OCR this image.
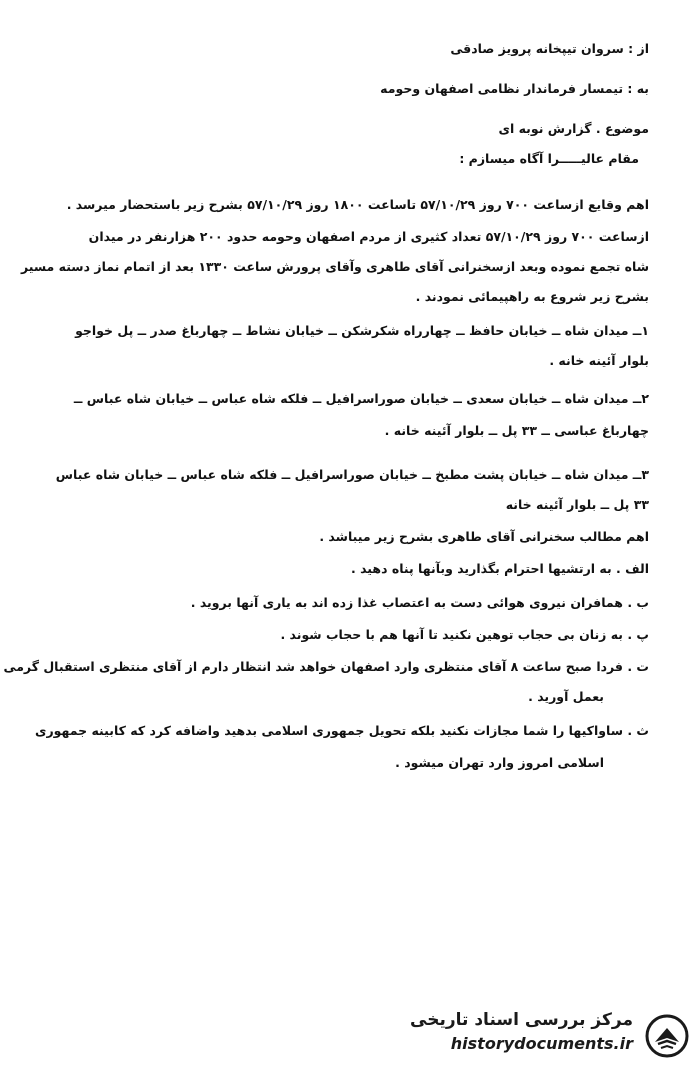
از : سروان تیپخانه پرویز صادقی
به : تیمسار فرماندار نظامی اصفهان وحومه
موضوع . گزارش نوبه ای
مقام عالیـــــرا آگاه میسازم :
اهم وقایع ازساعت ۷۰۰ روز ۵۷/۱۰/۲۹ تاساعت ۱۸۰۰ روز ۵۷/۱۰/۲۹ بشرح زیر باستحضار میرسد .
ازساعت ۷۰۰ روز ۵۷/۱۰/۲۹ تعداد کثیری از مردم اصفهان وحومه حدود ۲۰۰ هزارنفر در میدان
شاه تجمع نموده وبعد ازسخنرانی آقای طاهری وآقای پرورش ساعت ۱۳۳۰ بعد از اتمام نماز دسته مسیر
بشرح زیر شروع به راهپیمائی نمودند .
۱ــ میدان شاه ــ خیابان حافظ ــ چهارراه شکرشکن ــ خیابان نشاط ــ چهارباغ صدر ــ پل خواجو
بلوار آئینه خانه .
۲ــ میدان شاه ــ خیابان سعدی ــ خیابان صوراسرافیل ــ فلکه شاه عباس ــ خیابان شاه عباس ــ
چهارباغ عباسی ــ ۳۳ پل ــ بلوار آئینه خانه .
۳ــ میدان شاه ــ خیابان پشت مطبخ ــ خیابان صوراسرافیل ــ فلکه شاه عباس ــ خیابان شاه عباس
۳۳ پل ــ بلوار آئینه خانه
اهم مطالب سخنرانی آقای طاهری بشرح زیر میباشد .
الف . به ارتشیها احترام بگذارید وبآنها پناه دهید .
ب . همافران نیروی هوائی دست به اعتصاب غذا زده اند به یاری آنها بروید .
پ . به زنان بی حجاب توهین نکنید تا آنها هم با حجاب شوند .
ت . فردا صبح ساعت ۸ آقای منتظری وارد اصفهان خواهد شد انتظار دارم از آقای منتظری استقبال گرمی
بعمل آورید .
ث . ساواکیها را شما مجازات نکنید بلکه تحویل جمهوری اسلامی بدهید واضافه کرد که کابینه جمهوری
اسلامی امروز وارد تهران میشود .
مرکز بررسی اسناد تاریخی
historydocuments.ir
